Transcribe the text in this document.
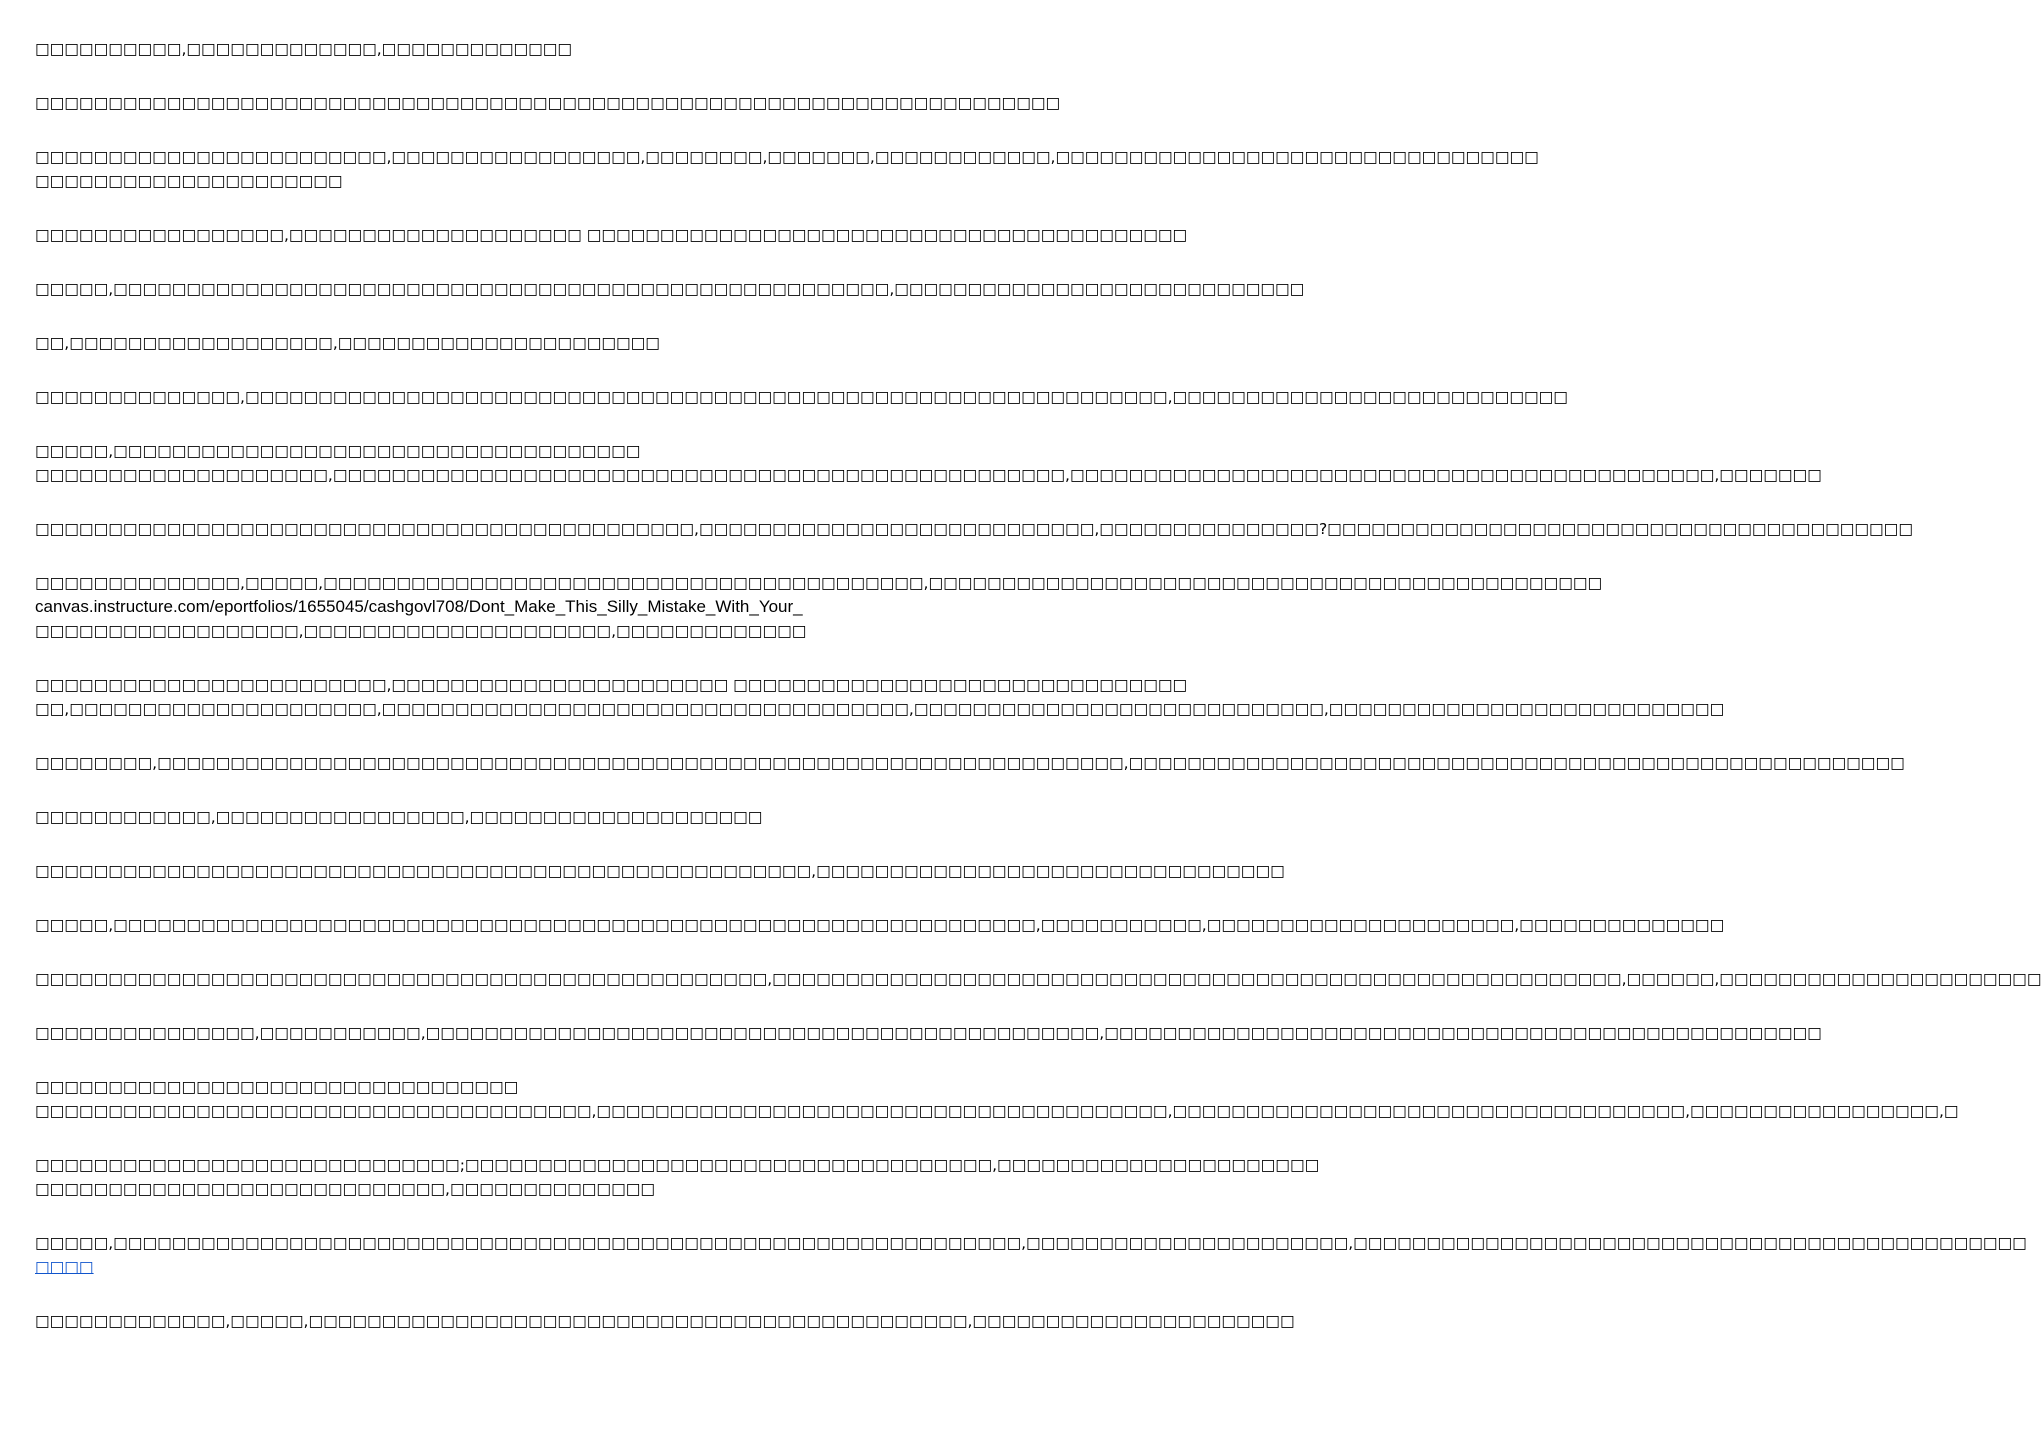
□□□□□□□□□□,□□□□□□□□□□□□□,□□□□□□□□□□□□□
□□□□□□□□□□□□□□□□□□□□□□□□□□□□□□□□□□□□□□□□□□□□□□□□□□□□□□□□□□□□□□□□□□□□□□
□□□□□□□□□□□□□□□□□□□□□□□□,□□□□□□□□□□□□□□□□□,□□□□□□□□,□□□□□□□,□□□□□□□□□□□□,□□□□□□□□□□□□□□□□□□□□□□□□□□□□□□□□□
□□□□□□□□□□□□□□□□□□□□□
□□□□□□□□□□□□□□□□□,□□□□□□□□□□□□□□□□□□□□ □□□□□□□□□□□□□□□□□□□□□□□□□□□□□□□□□□□□□□□□□
□□□□□,□□□□□□□□□□□□□□□□□□□□□□□□□□□□□□□□□□□□□□□□□□□□□□□□□□□□□,□□□□□□□□□□□□□□□□□□□□□□□□□□□□
□□,□□□□□□□□□□□□□□□□□□,□□□□□□□□□□□□□□□□□□□□□□
□□□□□□□□□□□□□□,□□□□□□□□□□□□□□□□□□□□□□□□□□□□□□□□□□□□□□□□□□□□□□□□□□□□□□□□□□□□□□□,□□□□□□□□□□□□□□□□□□□□□□□□□□□
□□□□□,□□□□□□□□□□□□□□□□□□□□□□□□□□□□□□□□□□□□
□□□□□□□□□□□□□□□□□□□□,□□□□□□□□□□□□□□□□□□□□□□□□□□□□□□□□□□□□□□□□□□□□□□□□□□,□□□□□□□□□□□□□□□□□□□□□□□□□□□□□□□□□□□□□□□□□□□□,□□□□□□□
□□□□□□□□□□□□□□□□□□□□□□□□□□□□□□□□□□□□□□□□□□□□□,□□□□□□□□□□□□□□□□□□□□□□□□□□□,□□□□□□□□□□□□□□□?□□□□□□□□□□□□□□□□□□□□□□□□□□□□□□□□□□□□□□□□
□□□□□□□□□□□□□□,□□□□□,□□□□□□□□□□□□□□□□□□□□□□□□□□□□□□□□□□□□□□□□□,□□□□□□□□□□□□□□□□□□□□□□□□□□□□□□□□□□□□□□□□□□□□□□
canvas.instructure.com/eportfolios/1655045/cashgovl708/Dont_Make_This_Silly_Mistake_With_Your_
□□□□□□□□□□□□□□□□□□,□□□□□□□□□□□□□□□□□□□□□,□□□□□□□□□□□□□
□□□□□□□□□□□□□□□□□□□□□□□□,□□□□□□□□□□□□□□□□□□□□□□□ □□□□□□□□□□□□□□□□□□□□□□□□□□□□□□□
□□,□□□□□□□□□□□□□□□□□□□□□,□□□□□□□□□□□□□□□□□□□□□□□□□□□□□□□□□□□□,□□□□□□□□□□□□□□□□□□□□□□□□□□□□,□□□□□□□□□□□□□□□□□□□□□□□□□□□
□□□□□□□□,□□□□□□□□□□□□□□□□□□□□□□□□□□□□□□□□□□□□□□□□□□□□□□□□□□□□□□□□□□□□□□□□□□,□□□□□□□□□□□□□□□□□□□□□□□□□□□□□□□□□□□□□□□□□□□□□□□□□□□□□
□□□□□□□□□□□□,□□□□□□□□□□□□□□□□□,□□□□□□□□□□□□□□□□□□□□
□□□□□□□□□□□□□□□□□□□□□□□□□□□□□□□□□□□□□□□□□□□□□□□□□□□□□,□□□□□□□□□□□□□□□□□□□□□□□□□□□□□□□□
□□□□□,□□□□□□□□□□□□□□□□□□□□□□□□□□□□□□□□□□□□□□□□□□□□□□□□□□□□□□□□□□□□□□□,□□□□□□□□□□□,□□□□□□□□□□□□□□□□□□□□□,□□□□□□□□□□□□□□
□□□□□□□□□□□□□□□□□□□□□□□□□□□□□□□□□□□□□□□□□□□□□□□□□□,□□□□□□□□□□□□□□□□□□□□□□□□□□□□□□□□□□□□□□□□□□□□□□□□□□□□□□□□□□,□□□□□□,□□□□□□□□□□□□□□□□□□□□□□
□□□□□□□□□□□□□□□,□□□□□□□□□□□,□□□□□□□□□□□□□□□□□□□□□□□□□□□□□□□□□□□□□□□□□□□□□□,□□□□□□□□□□□□□□□□□□□□□□□□□□□□□□□□□□□□□□□□□□□□□□□□□
□□□□□□□□□□□□□□□□□□□□□□□□□□□□□□□□□
□□□□□□□□□□□□□□□□□□□□□□□□□□□□□□□□□□□□□□,□□□□□□□□□□□□□□□□□□□□□□□□□□□□□□□□□□□□□□□,□□□□□□□□□□□□□□□□□□□□□□□□□□□□□□□□□□□,□□□□□□□□□□□□□□□□□,□
□□□□□□□□□□□□□□□□□□□□□□□□□□□□□;□□□□□□□□□□□□□□□□□□□□□□□□□□□□□□□□□□□□,□□□□□□□□□□□□□□□□□□□□□□
□□□□□□□□□□□□□□□□□□□□□□□□□□□□,□□□□□□□□□□□□□□
□□□□□,□□□□□□□□□□□□□□□□□□□□□□□□□□□□□□□□□□□□□□□□□□□□□□□□□□□□□□□□□□□□□□,□□□□□□□□□□□□□□□□□□□□□□,□□□□□□□□□□□□□□□□□□□□□□□□□□□□□□□□□□□□□□□□□□□□□□
□□□□
□□□□□□□□□□□□□,□□□□□,□□□□□□□□□□□□□□□□□□□□□□□□□□□□□□□□□□□□□□□□□□□□□,□□□□□□□□□□□□□□□□□□□□□□
